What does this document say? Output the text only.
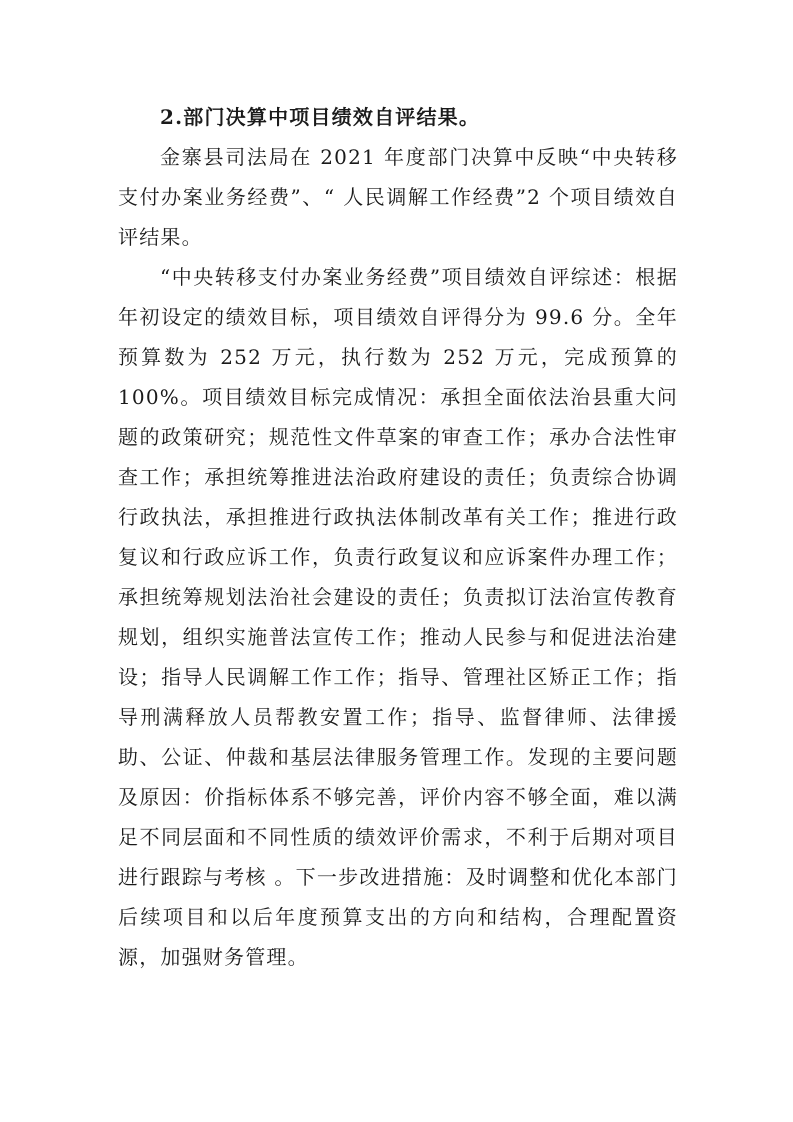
2.部门决算中项目绩效自评结果。

金寨县司法局在 2021 年度部门决算中反映“中央转移支付办案业务经费”、“ 人民调解工作经费”2 个项目绩效自评结果。

“中央转移支付办案业务经费”项目绩效自评综述：根据年初设定的绩效目标，项目绩效自评得分为 99.6 分。全年预算数为 252 万元，执行数为 252 万元，完成预算的 100%。项目绩效目标完成情况：承担全面依法治县重大问题的政策研究；规范性文件草案的审查工作；承办合法性审查工作；承担统筹推进法治政府建设的责任；负责综合协调行政执法，承担推进行政执法体制改革有关工作；推进行政复议和行政应诉工作，负责行政复议和应诉案件办理工作；承担统筹规划法治社会建设的责任；负责拟订法治宣传教育规划，组织实施普法宣传工作；推动人民参与和促进法治建设；指导人民调解工作工作；指导、管理社区矫正工作；指导刑满释放人员帮教安置工作；指导、监督律师、法律援助、公证、仲裁和基层法律服务管理工作。发现的主要问题及原因：价指标体系不够完善，评价内容不够全面，难以满足不同层面和不同性质的绩效评价需求，不利于后期对项目进行跟踪与考核 。下一步改进措施：及时调整和优化本部门后续项目和以后年度预算支出的方向和结构，合理配置资源，加强财务管理。
